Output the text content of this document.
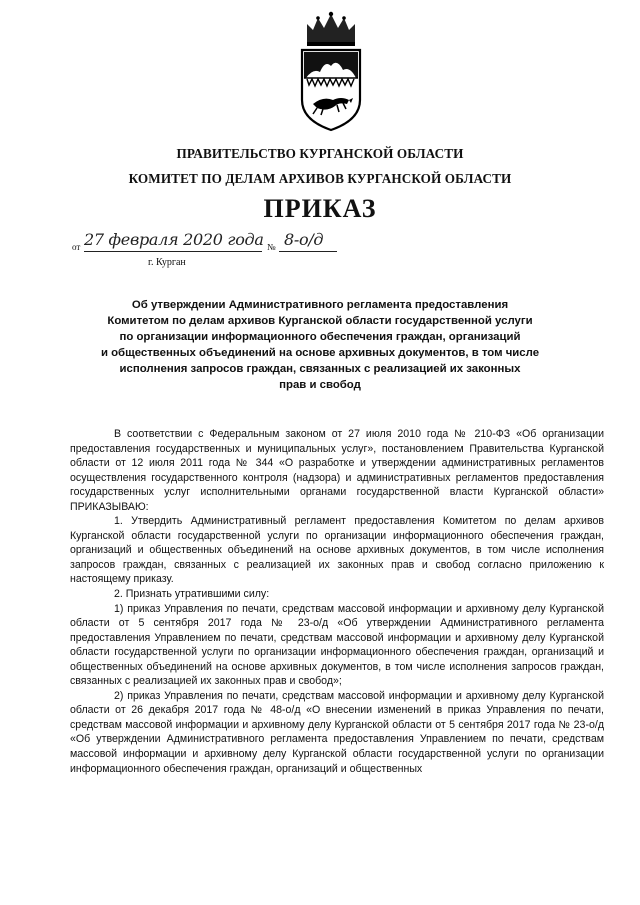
ПРАВИТЕЛЬСТВО КУРГАНСКОЙ ОБЛАСТИ
КОМИТЕТ ПО ДЕЛАМ АРХИВОВ КУРГАНСКОЙ ОБЛАСТИ
ПРИКАЗ
от 27 февраля 2020 года № 8-о/д
г. Курган
Об утверждении Административного регламента предоставления
Комитетом по делам архивов Курганской области государственной услуги
по организации информационного обеспечения граждан, организаций
и общественных объединений на основе архивных документов, в том числе
исполнения запросов граждан, связанных с реализацией их законных
прав и свобод

В соответствии с Федеральным законом от 27 июля 2010 года № 210-ФЗ «Об организации предоставления государственных и муниципальных услуг», постановлением Правительства Курганской области от 12 июля 2011 года № 344 «О разработке и утверждении административных регламентов осуществления государственного контроля (надзора) и административных регламентов предоставления государственных услуг исполнительными органами государственной власти Курганской области» ПРИКАЗЫВАЮ:

1. Утвердить Административный регламент предоставления Комитетом по делам архивов Курганской области государственной услуги по организации информационного обеспечения граждан, организаций и общественных объединений на основе архивных документов, в том числе исполнения запросов граждан, связанных с реализацией их законных прав и свобод согласно приложению к настоящему приказу.

2. Признать утратившими силу:

1) приказ Управления по печати, средствам массовой информации и архивному делу Курганской области от 5 сентября 2017 года № 23-о/д «Об утверждении Административного регламента предоставления Управлением по печати, средствам массовой информации и архивному делу Курганской области государственной услуги по организации информационного обеспечения граждан, организаций и общественных объединений на основе архивных документов, в том числе исполнения запросов граждан, связанных с реализацией их законных прав и свобод»;

2) приказ Управления по печати, средствам массовой информации и архивному делу Курганской области от 26 декабря 2017 года № 48-о/д «О внесении изменений в приказ Управления по печати, средствам массовой информации и архивному делу Курганской области от 5 сентября 2017 года № 23-о/д «Об утверждении Административного регламента предоставления Управлением по печати, средствам массовой информации и архивному делу Курганской области государственной услуги по организации информационного обеспечения граждан, организаций и общественных
